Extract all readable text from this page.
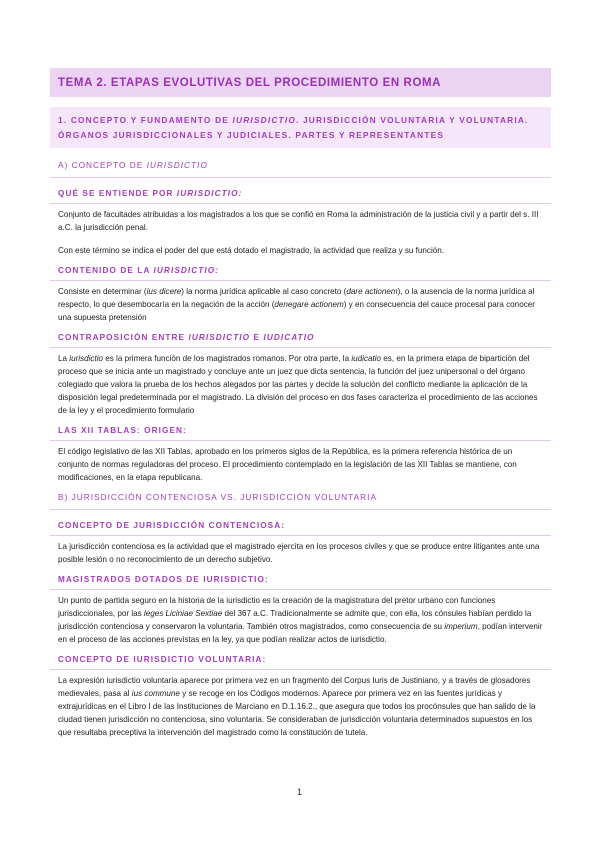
TEMA 2. ETAPAS EVOLUTIVAS DEL PROCEDIMIENTO EN ROMA
1. CONCEPTO Y FUNDAMENTO DE IURISDICTIO. JURISDICCIÓN VOLUNTARIA Y VOLUNTARIA. ÓRGANOS JURISDICCIONALES Y JUDICIALES. PARTES Y REPRESENTANTES
A) CONCEPTO DE IURISDICTIO
QUÉ SE ENTIENDE POR IURISDICTIO:

Conjunto de facultades atribuidas a los magistrados a los que se confió en Roma la administración de la justicia civil y a partir del s. III a.C. la jurisdicción penal.

Con este término se indica el poder del que está dotado el magistrado, la actividad que realiza y su función.

CONTENIDO DE LA IURISDICTIO:

Consiste en determinar (ius dicere) la norma jurídica aplicable al caso concreto (dare actionem), o la ausencia de la norma jurídica al respecto, lo que desembocaría en la negación de la acción (denegare actionem) y en consecuencia del cauce procesal para conocer una supuesta pretensión

CONTRAPOSICIÓN ENTRE IURISDICTIO E IUDICATIO

La iurisdictio es la primera función de los magistrados romanos. Por otra parte, la iudicatio es, en la primera etapa de bipartición del proceso que se inicia ante un magistrado y concluye ante un juez que dicta sentencia, la función del juez unipersonal o del órgano colegiado que valora la prueba de los hechos alegados por las partes y decide la solución del conflicto mediante la aplicación de la disposición legal predeterminada por el magistrado. La división del proceso en dos fases caracteriza el procedimiento de las acciones de la ley y el procedimiento formulario

LAS XII TABLAS: ORIGEN:

El código legislativo de las XII Tablas, aprobado en los primeros siglos de la República, es la primera referencia histórica de un conjunto de normas reguladoras del proceso. El procedimiento contemplado en la legislación de las XII Tablas se mantiene, con modificaciones, en la etapa republicana.

B) JURISDICCIÓN CONTENCIOSA VS. JURISDICCIÓN VOLUNTARIA
CONCEPTO DE JURISDICCIÓN CONTENCIOSA:

La jurisdicción contenciosa es la actividad que el magistrado ejercita en los procesos civiles y que se produce entre litigantes ante una posible lesión o no reconocimiento de un derecho subjetivo.

MAGISTRADOS DOTADOS DE IURISDICTIO:

Un punto de partida seguro en la historia de la iurisdictio es la creación de la magistratura del pretor urbano con funciones jurisdiccionales, por las leges Liciniae Sextiae del 367 a.C. Tradicionalmente se admite que, con ella, los cónsules habían perdido la jurisdicción contenciosa y conservaron la voluntaria. También otros magistrados, como consecuencia de su imperium, podían intervenir en el proceso de las acciones previstas en la ley, ya que podían realizar actos de iurisdictio.

CONCEPTO DE IURISDICTIO VOLUNTARIA:

La expresión iurisdictio voluntaria aparece por primera vez en un fragmento del Corpus Iuris de Justiniano, y a través de glosadores medievales, pasa al ius commune y se recoge en los Códigos modernos. Aparece por primera vez en las fuentes jurídicas y extrajurídicas en el Libro I de las Instituciones de Marciano en D.1.16.2., que asegura que todos los procónsules que han salido de la ciudad tienen jurisdicción no contenciosa, sino voluntaria. Se consideraban de jurisdicción voluntaria determinados supuestos en los que resultaba preceptiva la intervención del magistrado como la constitución de tutela.

1
